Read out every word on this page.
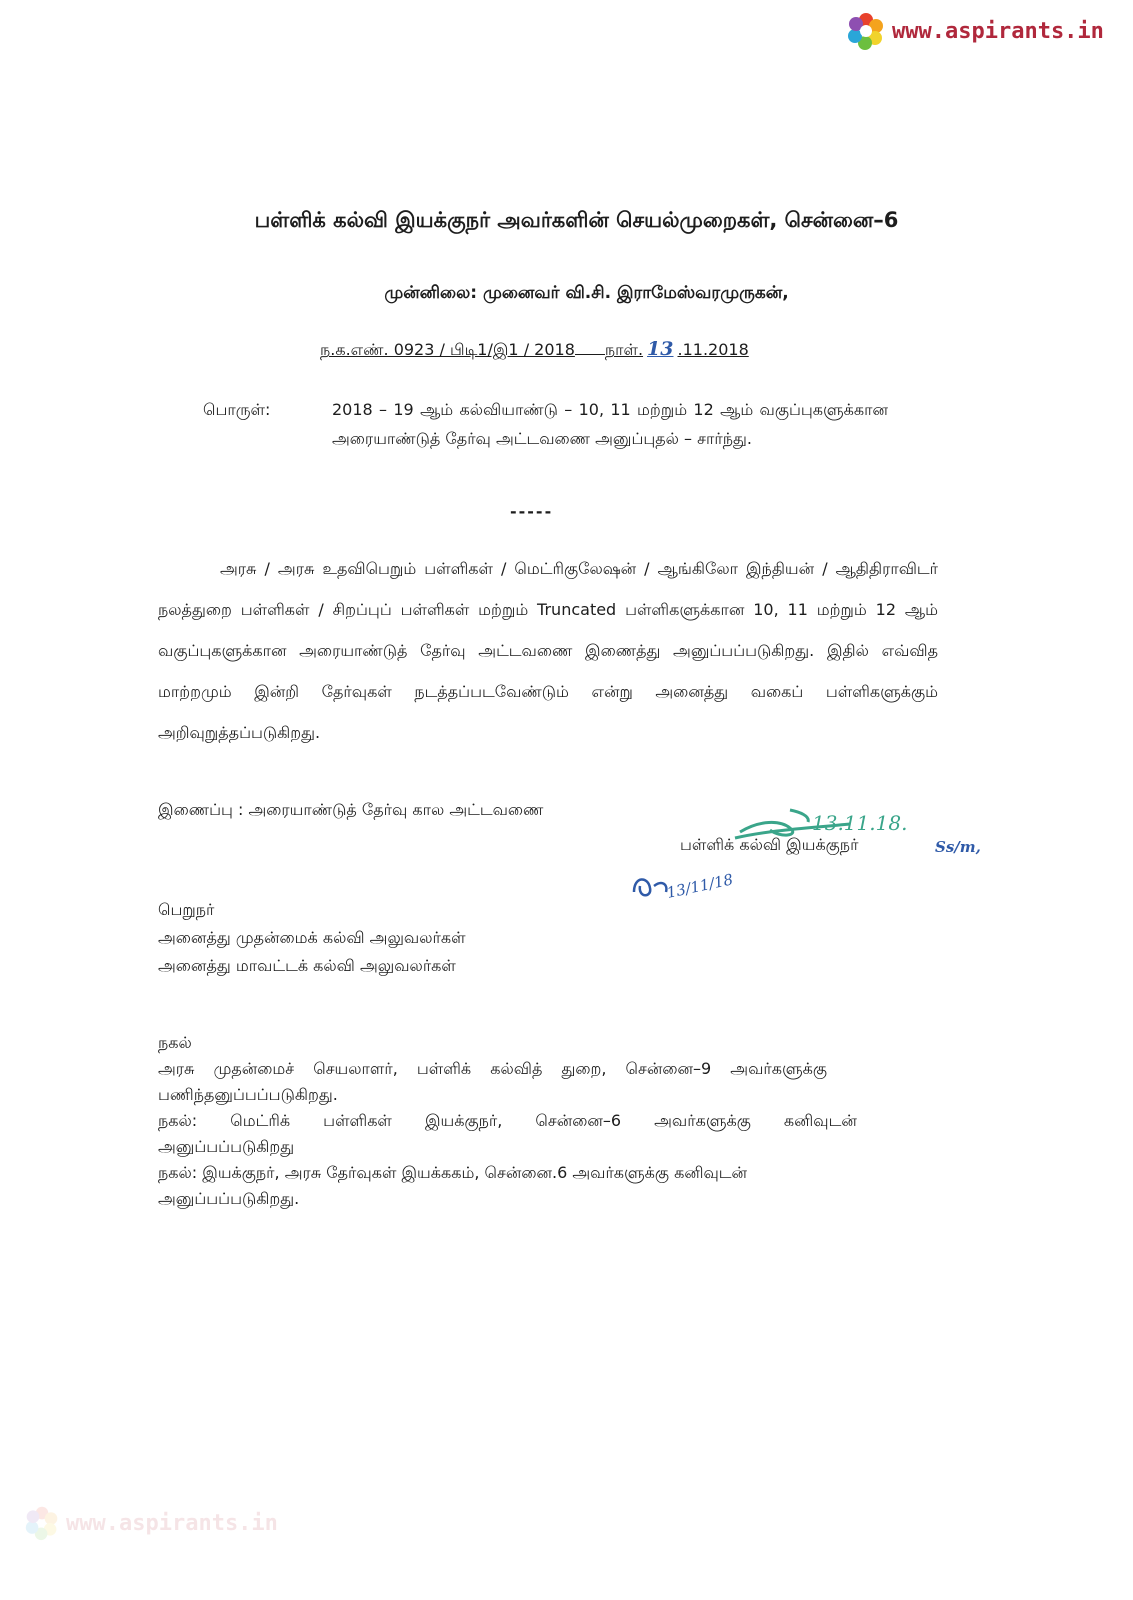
www.aspirants.in
பள்ளிக் கல்வி இயக்குநர் அவர்களின் செயல்முறைகள், சென்னை–6
முன்னிலை: முனைவர் வி.சி. இராமேஸ்வரமுருகன்,
ந.க.எண். 0923 / பிடி1/இ1 / 2018 நாள். 13 .11.2018
பொருள்:	2018 – 19 ஆம் கல்வியாண்டு – 10, 11 மற்றும் 12 ஆம் வகுப்புகளுக்கான அரையாண்டுத் தேர்வு அட்டவணை அனுப்புதல் – சார்ந்து.
-----
அரசு / அரசு உதவிபெறும் பள்ளிகள் / மெட்ரிகுலேஷன் / ஆங்கிலோ இந்தியன் / ஆதிதிராவிடர் நலத்துறை பள்ளிகள் / சிறப்புப் பள்ளிகள் மற்றும் Truncated பள்ளிகளுக்கான 10, 11 மற்றும் 12 ஆம் வகுப்புகளுக்கான அரையாண்டுத் தேர்வு அட்டவணை இணைத்து அனுப்பப்படுகிறது. இதில் எவ்வித மாற்றமும் இன்றி தேர்வுகள் நடத்தப்படவேண்டும் என்று அனைத்து வகைப் பள்ளிகளுக்கும் அறிவுறுத்தப்படுகிறது.
இணைப்பு : அரையாண்டுத் தேர்வு கால அட்டவணை
13.11.18.
Ss/m,
பள்ளிக் கல்வி இயக்குநர்
13/11/18
பெறுநர்
அனைத்து முதன்மைக் கல்வி அலுவலர்கள்
அனைத்து மாவட்டக் கல்வி அலுவலர்கள்
நகல்
அரசு முதன்மைச் செயலாளர், பள்ளிக் கல்வித் துறை, சென்னை–9 அவர்களுக்கு
பணிந்தனுப்பப்படுகிறது.
நகல்: மெட்ரிக் பள்ளிகள் இயக்குநர், சென்னை–6 அவர்களுக்கு கனிவுடன்
அனுப்பப்படுகிறது
நகல்: இயக்குநர், அரசு தேர்வுகள் இயக்ககம், சென்னை.6 அவர்களுக்கு கனிவுடன்
அனுப்பப்படுகிறது.
www.aspirants.in
